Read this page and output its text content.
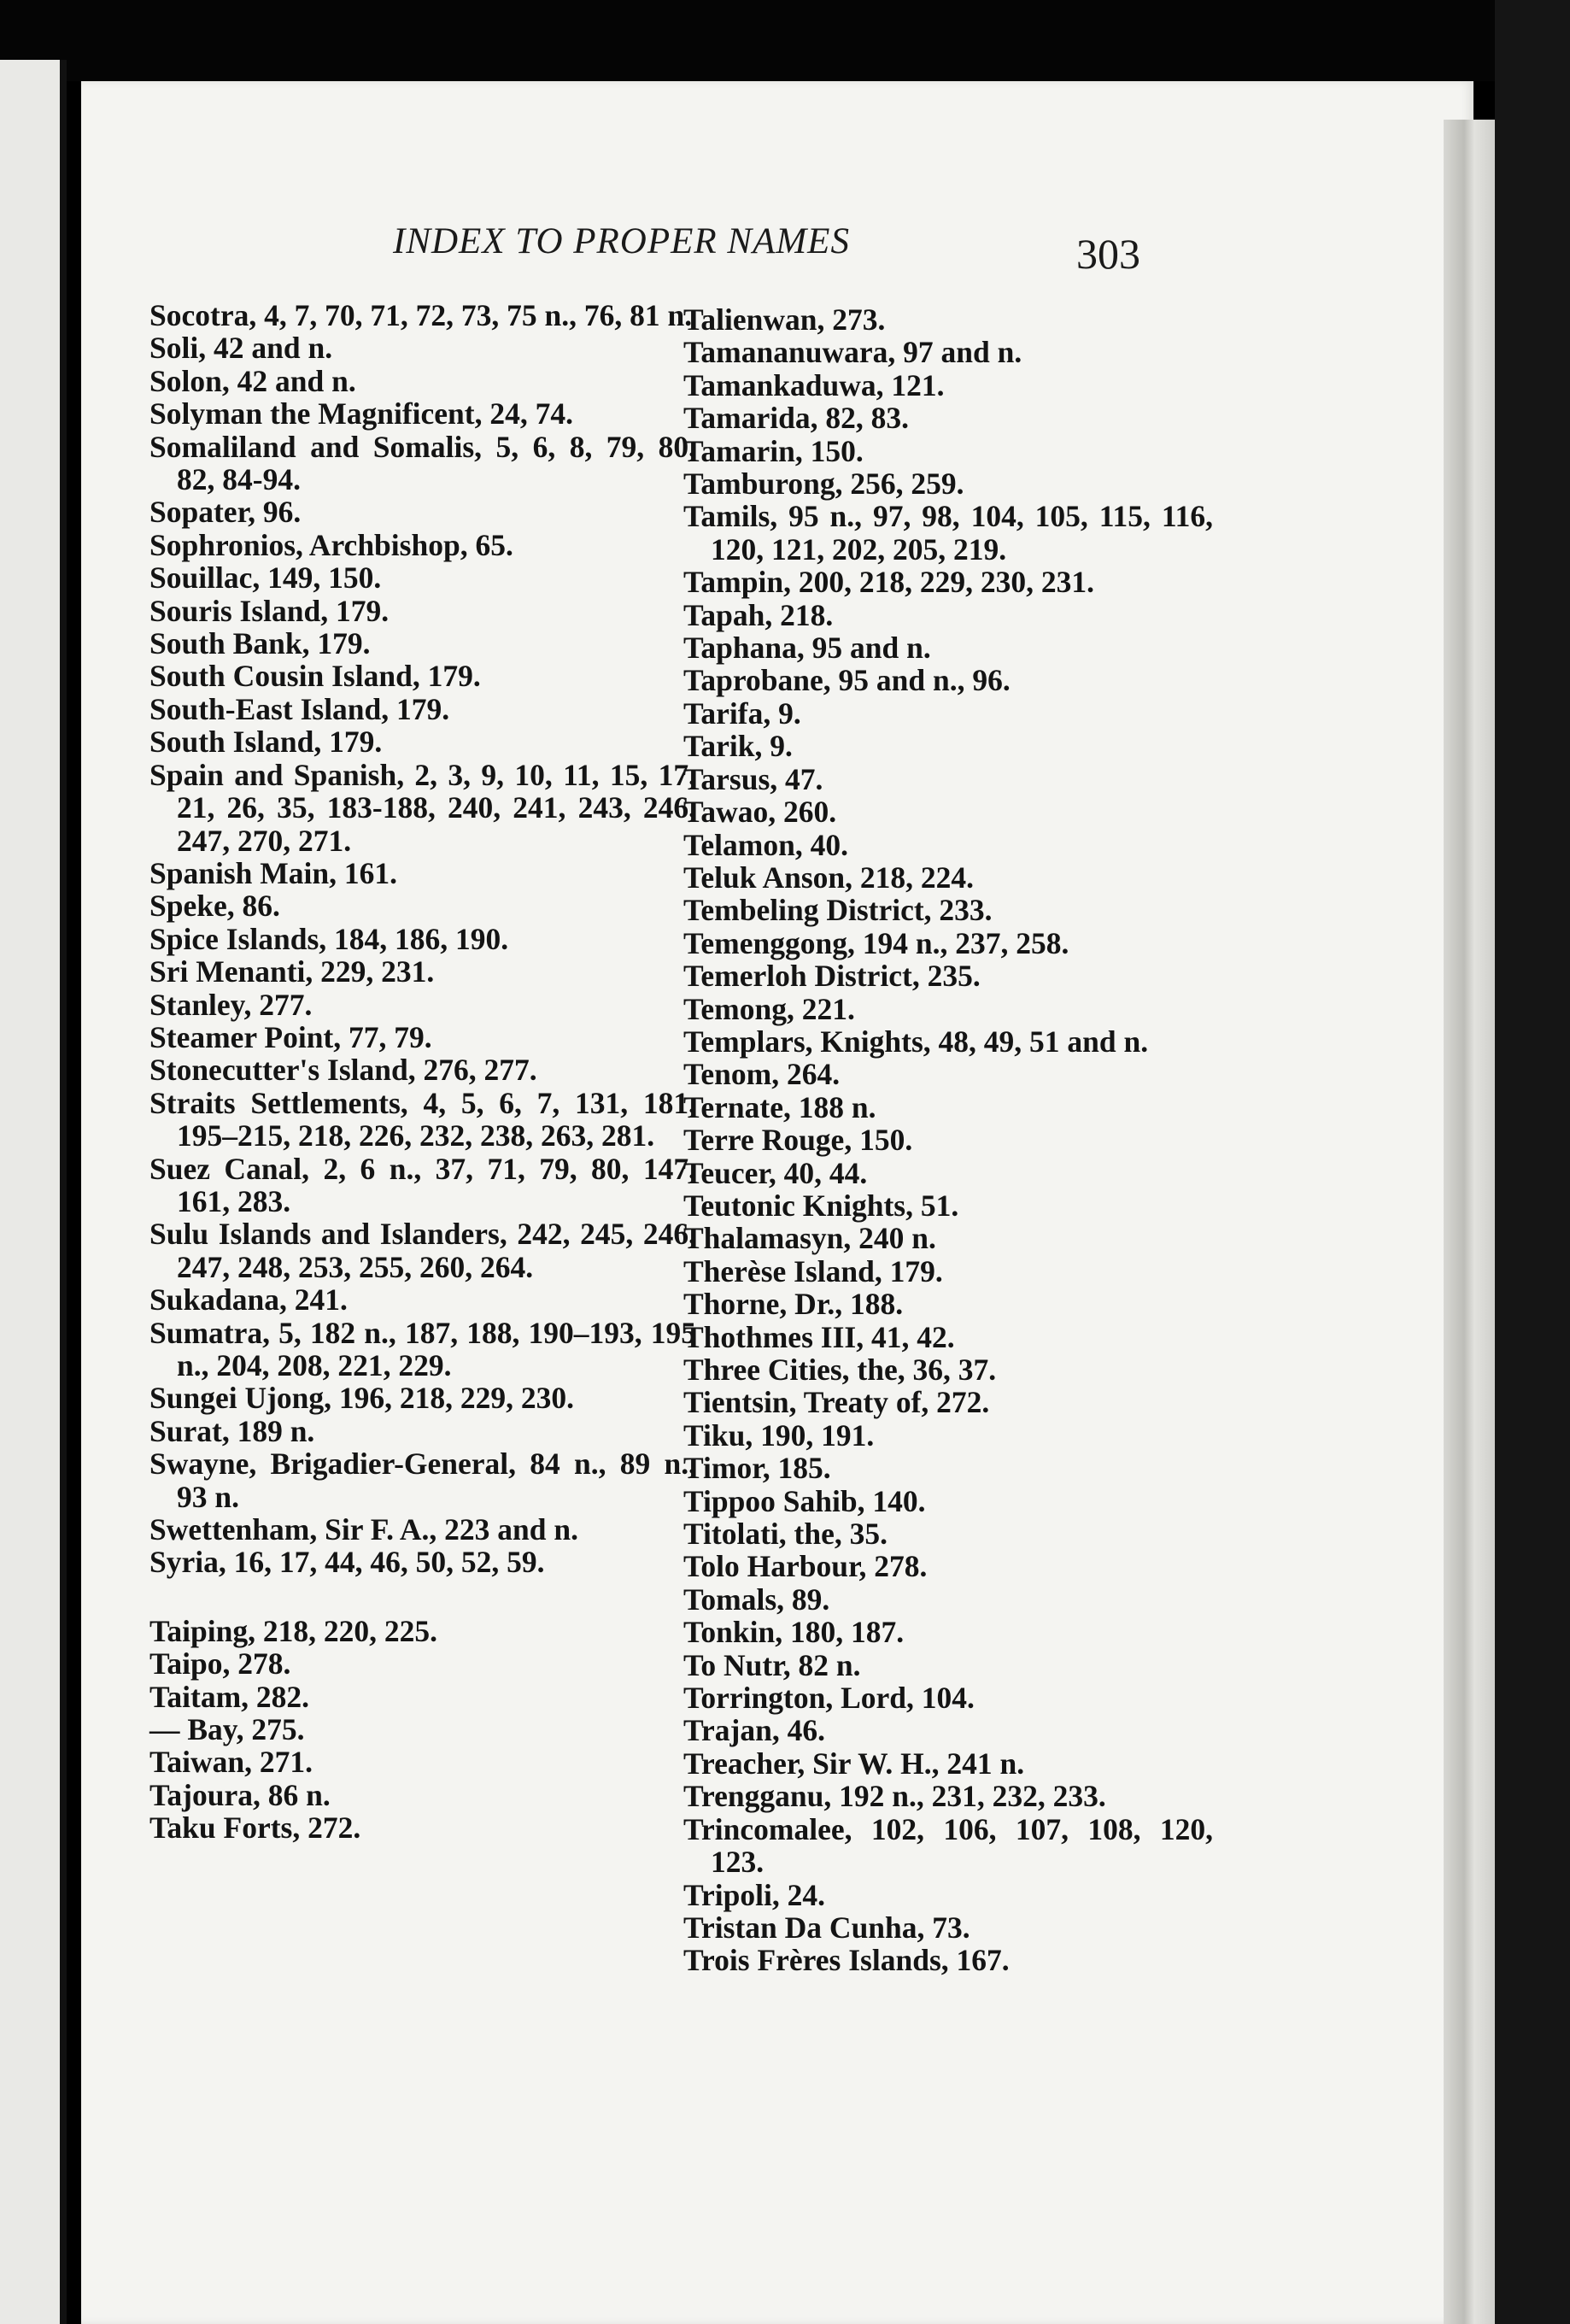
INDEX TO PROPER NAMES	303

Socotra, 4, 7, 70, 71, 72, 73, 75 n., 76, 81 n.

Soli, 42 and n.

Solon, 42 and n.

Solyman the Magnificent, 24, 74.

Somaliland and Somalis, 5, 6, 8, 79, 80, 82, 84-94.

Sopater, 96.

Sophronios, Archbishop, 65.

Souillac, 149, 150.

Souris Island, 179.

South Bank, 179.

South Cousin Island, 179.

South-East Island, 179.

South Island, 179.

Spain and Spanish, 2, 3, 9, 10, 11, 15, 17, 21, 26, 35, 183-188, 240, 241, 243, 246, 247, 270, 271.

Spanish Main, 161.

Speke, 86.

Spice Islands, 184, 186, 190.

Sri Menanti, 229, 231.

Stanley, 277.

Steamer Point, 77, 79.

Stonecutter's Island, 276, 277.

Straits Settlements, 4, 5, 6, 7, 131, 181, 195–215, 218, 226, 232, 238, 263, 281.

Suez Canal, 2, 6 n., 37, 71, 79, 80, 147, 161, 283.

Sulu Islands and Islanders, 242, 245, 246, 247, 248, 253, 255, 260, 264.

Sukadana, 241.

Sumatra, 5, 182 n., 187, 188, 190–193, 195 n., 204, 208, 221, 229.

Sungei Ujong, 196, 218, 229, 230.

Surat, 189 n.

Swayne, Brigadier-General, 84 n., 89 n., 93 n.

Swettenham, Sir F. A., 223 and n.

Syria, 16, 17, 44, 46, 50, 52, 59.

Taiping, 218, 220, 225.

Taipo, 278.

Taitam, 282.

— Bay, 275.

Taiwan, 271.

Tajoura, 86 n.

Taku Forts, 272.

Talienwan, 273.

Tamananuwara, 97 and n.

Tamankaduwa, 121.

Tamarida, 82, 83.

Tamarin, 150.

Tamburong, 256, 259.

Tamils, 95 n., 97, 98, 104, 105, 115, 116, 120, 121, 202, 205, 219.

Tampin, 200, 218, 229, 230, 231.

Tapah, 218.

Taphana, 95 and n.

Taprobane, 95 and n., 96.

Tarifa, 9.

Tarik, 9.

Tarsus, 47.

Tawao, 260.

Telamon, 40.

Teluk Anson, 218, 224.

Tembeling District, 233.

Temenggong, 194 n., 237, 258.

Temerloh District, 235.

Temong, 221.

Templars, Knights, 48, 49, 51 and n.

Tenom, 264.

Ternate, 188 n.

Terre Rouge, 150.

Teucer, 40, 44.

Teutonic Knights, 51.

Thalamasyn, 240 n.

Therèse Island, 179.

Thorne, Dr., 188.

Thothmes III, 41, 42.

Three Cities, the, 36, 37.

Tientsin, Treaty of, 272.

Tiku, 190, 191.

Timor, 185.

Tippoo Sahib, 140.

Titolati, the, 35.

Tolo Harbour, 278.

Tomals, 89.

Tonkin, 180, 187.

To Nutr, 82 n.

Torrington, Lord, 104.

Trajan, 46.

Treacher, Sir W. H., 241 n.

Trengganu, 192 n., 231, 232, 233.

Trincomalee, 102, 106, 107, 108, 120, 123.

Tripoli, 24.

Tristan Da Cunha, 73.

Trois Frères Islands, 167.
